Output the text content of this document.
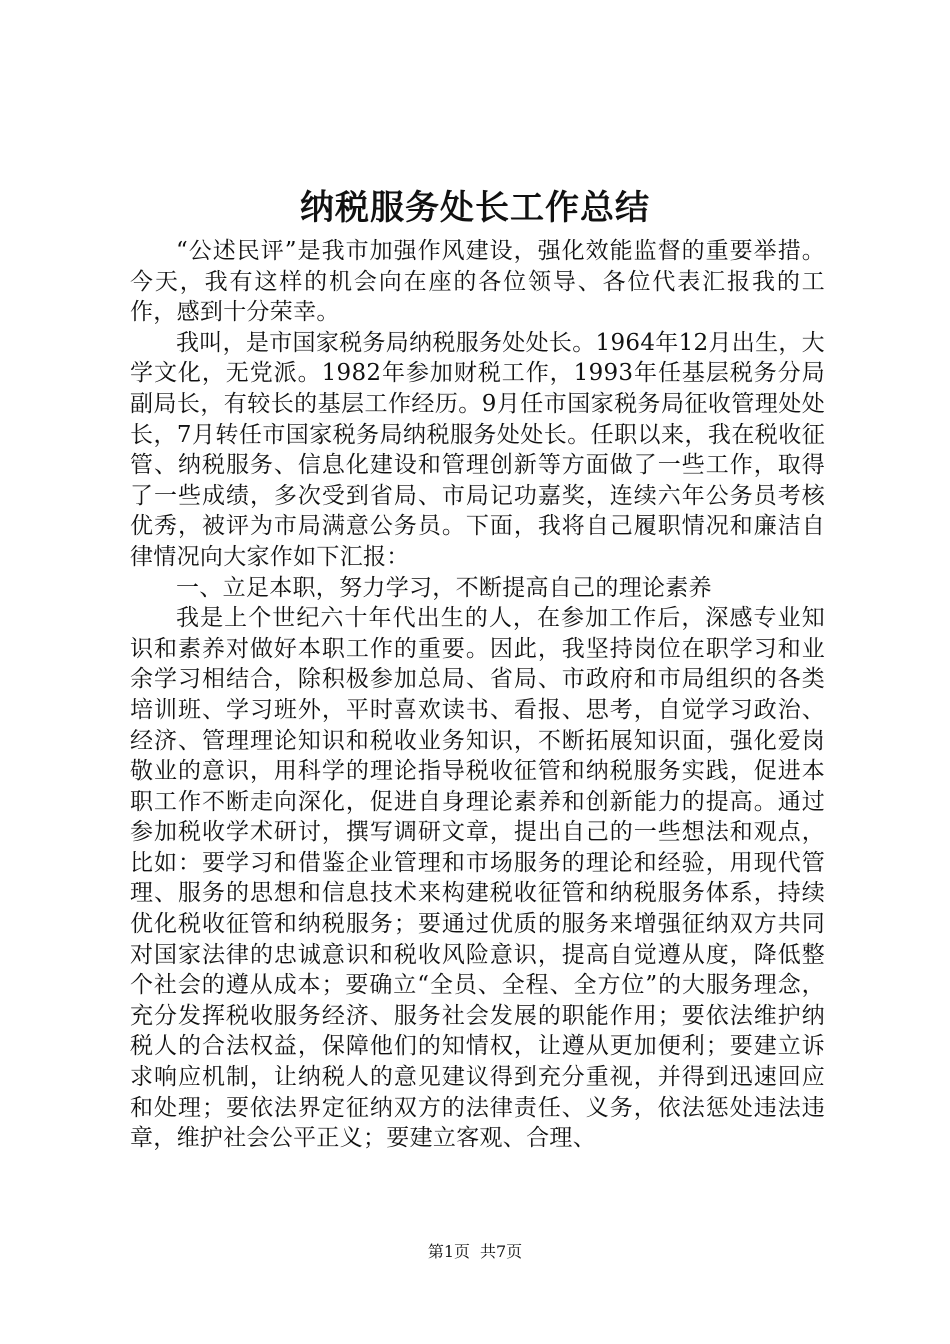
纳税服务处长工作总结

“公述民评”是我市加强作风建设，强化效能监督的重要举措。今天，我有这样的机会向在座的各位领导、各位代表汇报我的工作，感到十分荣幸。

我叫，是市国家税务局纳税服务处处长。1964年12月出生，大学文化，无党派。1982年参加财税工作，1993年任基层税务分局副局长，有较长的基层工作经历。9月任市国家税务局征收管理处处长，7月转任市国家税务局纳税服务处处长。任职以来，我在税收征管、纳税服务、信息化建设和管理创新等方面做了一些工作，取得了一些成绩，多次受到省局、市局记功嘉奖，连续六年公务员考核优秀，被评为市局满意公务员。下面，我将自己履职情况和廉洁自律情况向大家作如下汇报：

一、立足本职，努力学习，不断提高自己的理论素养

我是上个世纪六十年代出生的人，在参加工作后，深感专业知识和素养对做好本职工作的重要。因此，我坚持岗位在职学习和业余学习相结合，除积极参加总局、省局、市政府和市局组织的各类培训班、学习班外，平时喜欢读书、看报、思考，自觉学习政治、经济、管理理论知识和税收业务知识，不断拓展知识面，强化爱岗敬业的意识，用科学的理论指导税收征管和纳税服务实践，促进本职工作不断走向深化，促进自身理论素养和创新能力的提高。通过参加税收学术研讨，撰写调研文章，提出自己的一些想法和观点，比如：要学习和借鉴企业管理和市场服务的理论和经验，用现代管理、服务的思想和信息技术来构建税收征管和纳税服务体系，持续优化税收征管和纳税服务；要通过优质的服务来增强征纳双方共同对国家法律的忠诚意识和税收风险意识，提高自觉遵从度，降低整个社会的遵从成本；要确立“全员、全程、全方位”的大服务理念，充分发挥税收服务经济、服务社会发展的职能作用；要依法维护纳税人的合法权益，保障他们的知情权，让遵从更加便利；要建立诉求响应机制，让纳税人的意见建议得到充分重视，并得到迅速回应和处理；要依法界定征纳双方的法律责任、义务，依法惩处违法违章，维护社会公平正义；要建立客观、合理、

第1页 共7页
